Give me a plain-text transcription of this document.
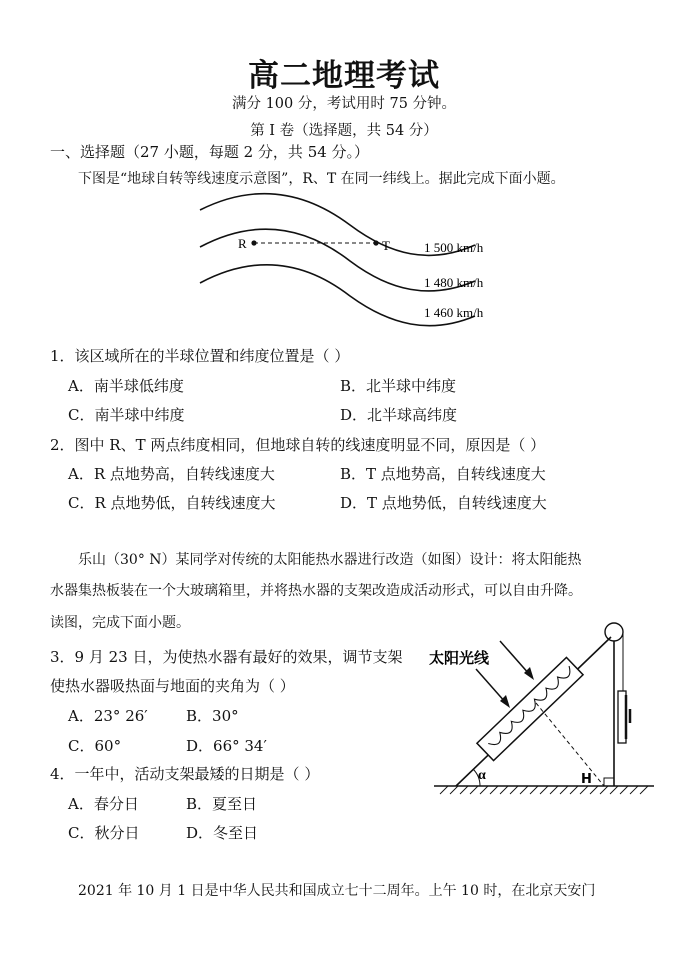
高二地理考试
满分 100 分，考试用时 75 分钟。
第 I 卷（选择题，共 54 分）
一、选择题（27 小题，每题 2 分，共 54 分。）
下图是“地球自转等线速度示意图”，R、T 在同一纬线上。据此完成下面小题。
R	T	1 500 km/h
1 480 km/h
1 460 km/h
1．该区域所在的半球位置和纬度位置是（ ）
A．南半球低纬度	B．北半球中纬度
C．南半球中纬度	D．北半球高纬度
2．图中 R、T 两点纬度相同，但地球自转的线速度明显不同，原因是（ ）
A．R 点地势高，自转线速度大	B．T 点地势高，自转线速度大
C．R 点地势低，自转线速度大	D．T 点地势低，自转线速度大
乐山（30° N）某同学对传统的太阳能热水器进行改造（如图）设计：将太阳能热
水器集热板装在一个大玻璃箱里，并将热水器的支架改造成活动形式，可以自由升降。
读图，完成下面小题。
3．9 月 23 日，为使热水器有最好的效果，调节支架
使热水器吸热面与地面的夹角为（ ）
A．23° 26′	B．30°
C．60°	D．66° 34′
4．一年中，活动支架最矮的日期是（ ）
A．春分日	B．夏至日
C．秋分日	D．冬至日
太阳光线
α	H
2021 年 10 月 1 日是中华人民共和国成立七十二周年。上午 10 时，在北京天安门
